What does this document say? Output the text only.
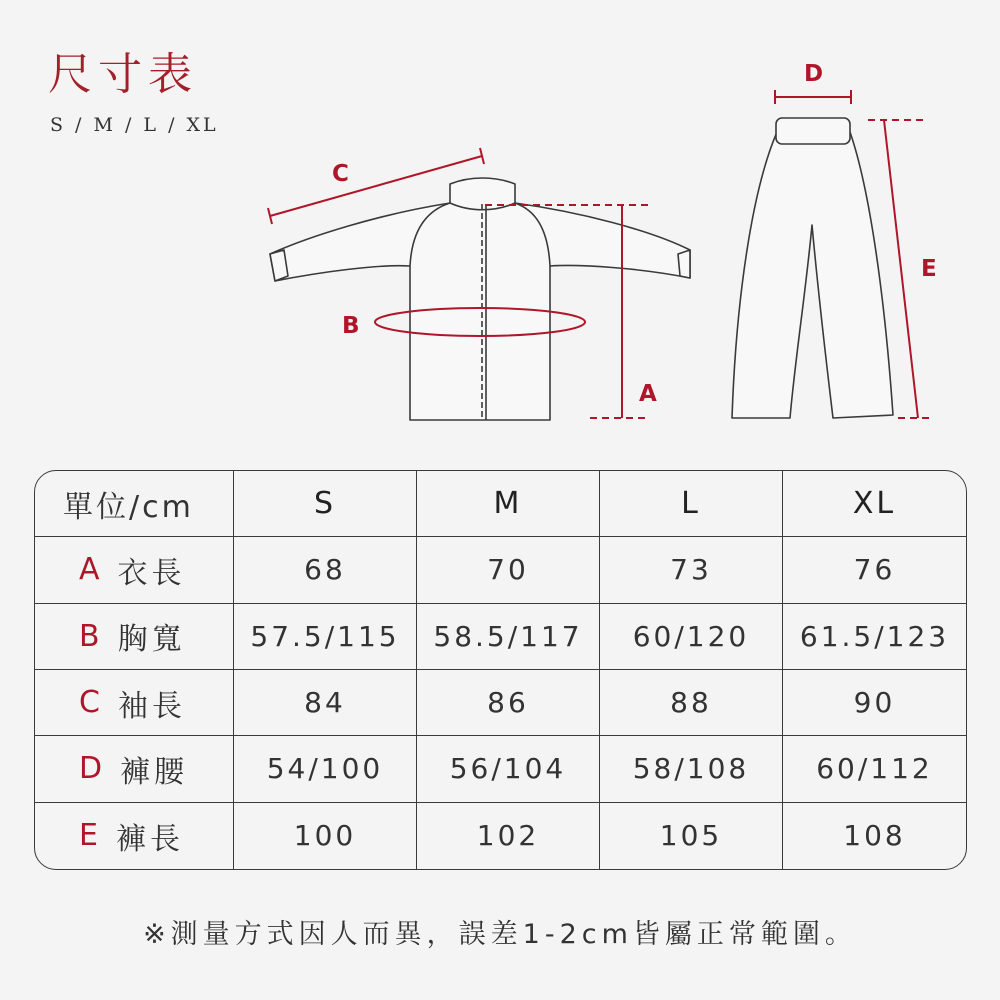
尺寸表
S / M / L / XL
C
B
A
D
E
單位/cm	S	M	L	XL
A 衣長	68	70	73	76
B 胸寬	57.5/115	58.5/117	60/120	61.5/123
C 袖長	84	86	88	90
D 褲腰	54/100	56/104	58/108	60/112
E 褲長	100	102	105	108
※測量方式因人而異，誤差1-2cm皆屬正常範圍。
